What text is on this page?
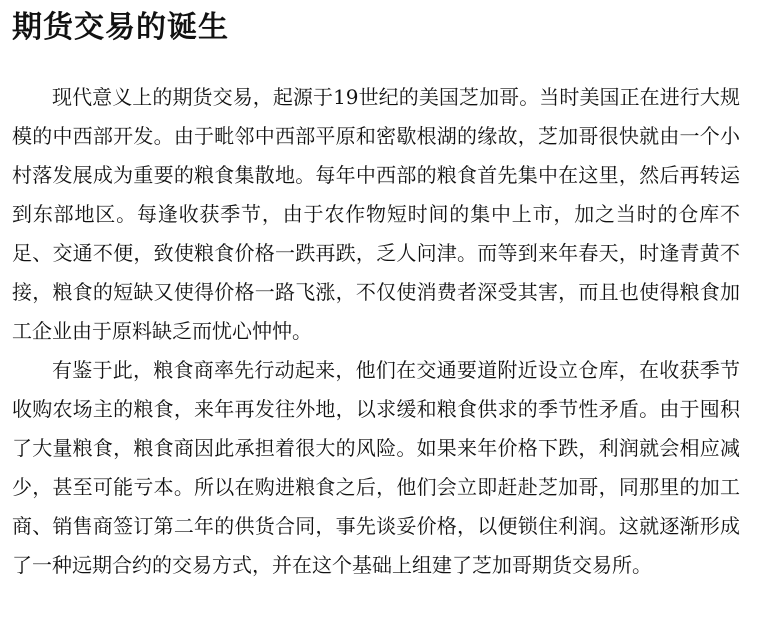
期货交易的诞生

现代意义上的期货交易，起源于19世纪的美国芝加哥。当时美国正在进行大规模的中西部开发。由于毗邻中西部平原和密歇根湖的缘故，芝加哥很快就由一个小村落发展成为重要的粮食集散地。每年中西部的粮食首先集中在这里，然后再转运到东部地区。每逢收获季节，由于农作物短时间的集中上市，加之当时的仓库不足、交通不便，致使粮食价格一跌再跌，乏人问津。而等到来年春天，时逢青黄不接，粮食的短缺又使得价格一路飞涨，不仅使消费者深受其害，而且也使得粮食加工企业由于原料缺乏而忧心忡忡。

有鉴于此，粮食商率先行动起来，他们在交通要道附近设立仓库，在收获季节收购农场主的粮食，来年再发往外地，以求缓和粮食供求的季节性矛盾。由于囤积了大量粮食，粮食商因此承担着很大的风险。如果来年价格下跌，利润就会相应减少，甚至可能亏本。所以在购进粮食之后，他们会立即赶赴芝加哥，同那里的加工商、销售商签订第二年的供货合同，事先谈妥价格，以便锁住利润。这就逐渐形成了一种远期合约的交易方式，并在这个基础上组建了芝加哥期货交易所。
